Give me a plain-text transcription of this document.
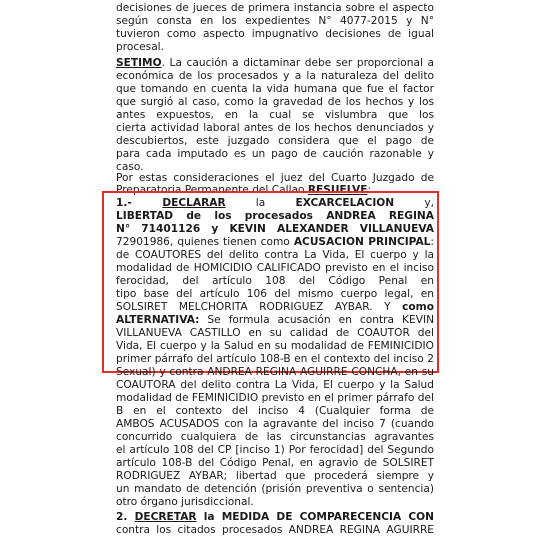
decisiones de jueces de primera instancia sobre el aspecto
según consta en los expedientes N° 4077-2015 y N°
tuvieron como aspecto impugnativo decisiones de igual
procesal.
SETIMO. La caución a dictaminar debe ser proporcional a
económica de los procesados y a la naturaleza del delito
que tomando en cuenta la vida humana que fue el factor
que surgió al caso, como la gravedad de los hechos y los
antes expuestos, en la cual se vislumbra que los
cierta actividad laboral antes de los hechos denunciados y
descubiertos, este juzgado considera que el pago de
para cada imputado es un pago de caución razonable y
caso.
Por estas consideraciones el juez del Cuarto Juzgado de
Preparatoria Permanente del Callao RESUELVE:
1.- DECLARAR la EXCARCELACIÓN	y,
LIBERTAD de los procesados ANDREA REGINA
N° 71401126 y KEVIN ALEXANDER VILLANUEVA
72901986, quienes tienen como ACUSACIÓN PRINCIPAL:
de COAUTORES del delito contra La Vida, El cuerpo y la
modalidad de HOMICIDIO CALIFICADO previsto en el inciso
ferocidad, del artículo 108 del Código Penal en
tipo base del artículo 106 del mismo cuerpo legal, en
SOLSIRET MELCHORITA RODRIGUEZ AYBAR. Y como
ALTERNATIVA: Se formula acusación en contra KEVIN
VILLANUEVA CASTILLO en su calidad de COAUTOR del
Vida, El cuerpo y la Salud en su modalidad de FEMINICIDIO
primer párrafo del artículo 108-B en el contexto del inciso 2
Sexual) y contra ANDREA REGINA AGUIRRE CONCHA, en su
COAUTORA del delito contra La Vida, El cuerpo y la Salud
modalidad de FEMINICIDIO previsto en el primer párrafo del
B en el contexto del inciso 4 (Cualquier forma de
AMBOS ACUSADOS con la agravante del inciso 7 (cuando
concurrido cualquiera de las circunstancias agravantes
el artículo 108 del CP [inciso 1) Por ferocidad] del Segundo
artículo 108-B del Código Penal, en agravio de SOLSIRET
RODRIGUEZ AYBAR; libertad que procederá siempre y
un mandato de detención (prisión preventiva o sentencia)
otro órgano jurisdiccional.
2. DECRETAR la MEDIDA DE COMPARECENCIA CON
contra los citados procesados ANDREA REGINA AGUIRRE
